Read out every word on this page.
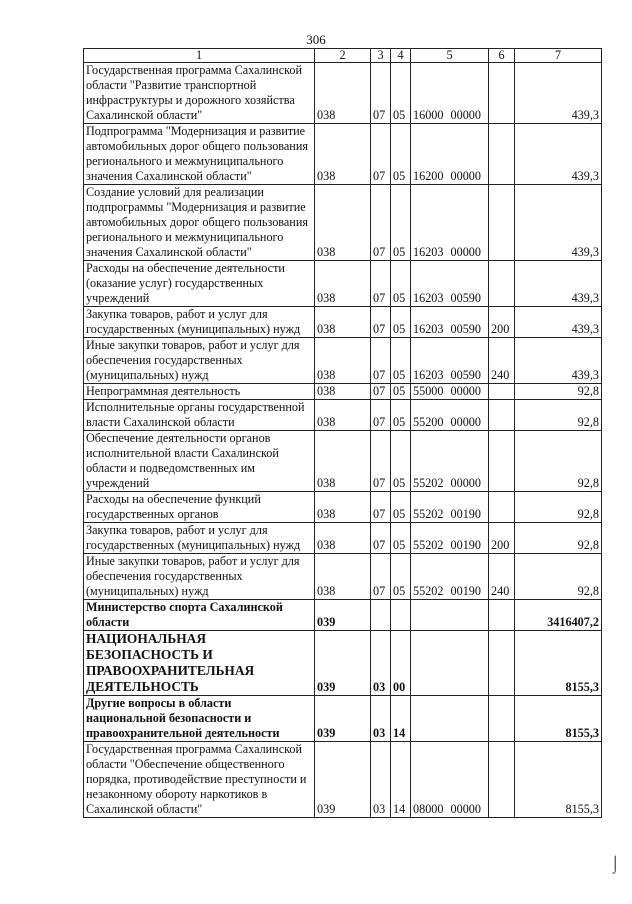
306
1	2	3	4	5	6	7
Государственная программа Сахалинской области "Развитие транспортной инфраструктуры и дорожного хозяйства Сахалинской области"	038	07	05	16000 00000		439,3
Подпрограмма "Модернизация и развитие автомобильных дорог общего пользования регионального и межмуниципального значения Сахалинской области"	038	07	05	16200 00000		439,3
Создание условий для реализации подпрограммы "Модернизация и развитие автомобильных дорог общего пользования регионального и межмуниципального значения Сахалинской области"	038	07	05	16203 00000		439,3
Расходы на обеспечение деятельности (оказание услуг) государственных учреждений	038	07	05	16203 00590		439,3
Закупка товаров, работ и услуг для государственных (муниципальных) нужд	038	07	05	16203 00590	200	439,3
Иные закупки товаров, работ и услуг для обеспечения государственных (муниципальных) нужд	038	07	05	16203 00590	240	439,3
Непрограммная деятельность	038	07	05	55000 00000		92,8
Исполнительные органы государственной власти Сахалинской области	038	07	05	55200 00000		92,8
Обеспечение деятельности органов исполнительной власти Сахалинской области и подведомственных им учреждений	038	07	05	55202 00000		92,8
Расходы на обеспечение функций государственных органов	038	07	05	55202 00190		92,8
Закупка товаров, работ и услуг для государственных (муниципальных) нужд	038	07	05	55202 00190	200	92,8
Иные закупки товаров, работ и услуг для обеспечения государственных (муниципальных) нужд	038	07	05	55202 00190	240	92,8
Министерство спорта Сахалинской области	039					3416407,2
НАЦИОНАЛЬНАЯ БЕЗОПАСНОСТЬ И ПРАВООХРАНИТЕЛЬНАЯ ДЕЯТЕЛЬНОСТЬ	039	03	00			8155,3
Другие вопросы в области национальной безопасности и правоохранительной деятельности	039	03	14			8155,3
Государственная программа Сахалинской области "Обеспечение общественного порядка, противодействие преступности и незаконному обороту наркотиков в Сахалинской области"	039	03	14	08000 00000		8155,3
⌡
